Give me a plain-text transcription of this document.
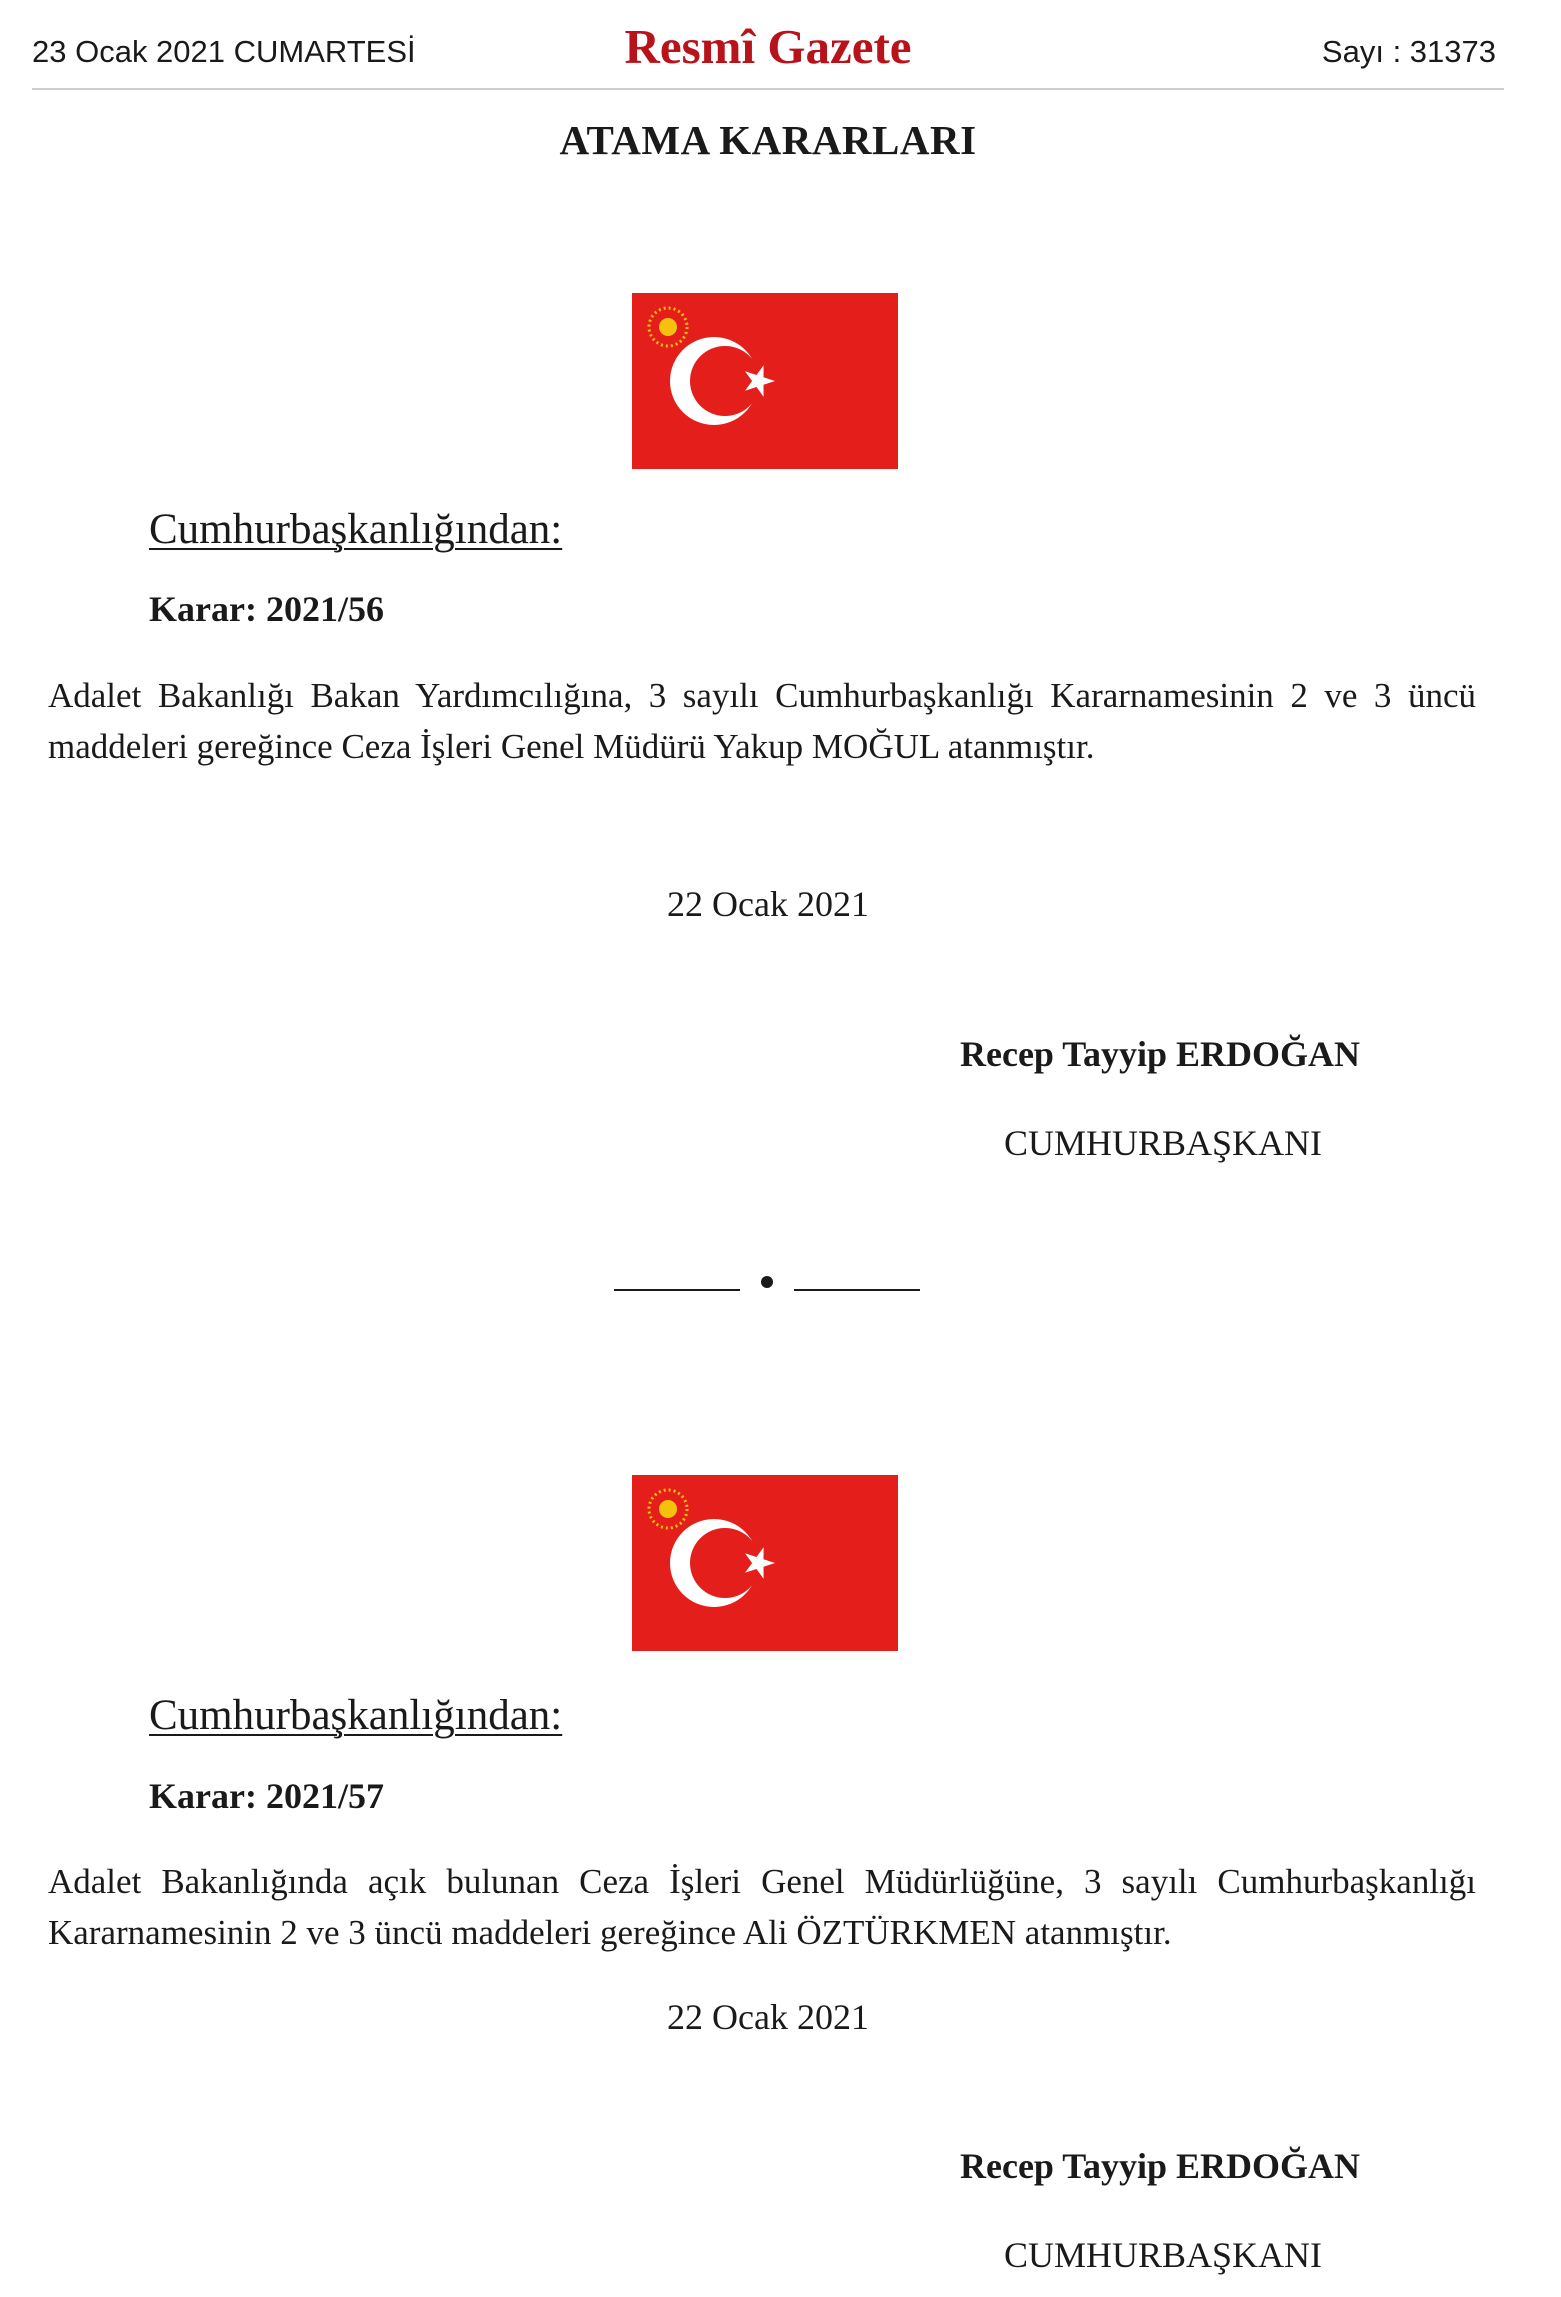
23 Ocak 2021 CUMARTESİ	Resmî Gazete	Sayı : 31373
ATAMA KARARLARI
Cumhurbaşkanlığından:
Karar: 2021/56
Adalet Bakanlığı Bakan Yardımcılığına, 3 sayılı Cumhurbaşkanlığı Kararnamesinin 2 ve 3 üncü maddeleri gereğince Ceza İşleri Genel Müdürü Yakup MOĞUL atanmıştır.
22 Ocak 2021
Recep Tayyip ERDOĞAN
CUMHURBAŞKANI
Cumhurbaşkanlığından:
Karar: 2021/57
Adalet Bakanlığında açık bulunan Ceza İşleri Genel Müdürlüğüne, 3 sayılı Cumhurbaşkanlığı Kararnamesinin 2 ve 3 üncü maddeleri gereğince Ali ÖZTÜRKMEN atanmıştır.
22 Ocak 2021
Recep Tayyip ERDOĞAN
CUMHURBAŞKANI
